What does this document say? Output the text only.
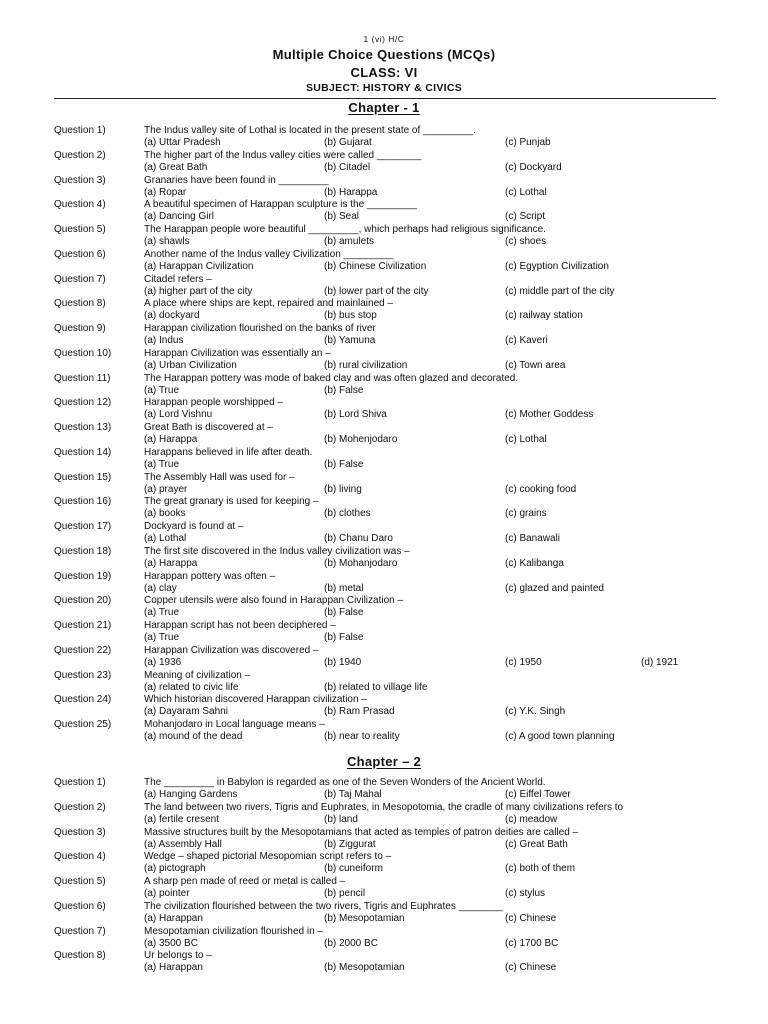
1 (vi) H/C
Multiple Choice Questions (MCQs)
CLASS: VI
SUBJECT: HISTORY & CIVICS
Chapter - 1
Question 1)	The Indus valley site of Lothal is located in the present state of _________.
(a) Uttar Pradesh	(b) Gujarat	(c) Punjab
Question 2)	The higher part of the Indus valley cities were called ________
(a) Great Bath	(b) Citadel	(c) Dockyard
Question 3)	Granaries have been found in _________
(a) Ropar	(b) Harappa	(c) Lothal
Question 4)	A beautiful specimen of Harappan sculpture is the _________
(a) Dancing Girl	(b) Seal	(c) Script
Question 5)	The Harappan people wore beautiful _________, which perhaps had religious significance.
(a) shawls	(b) amulets	(c) shoes
Question 6)	Another name of the Indus valley Civilization _________
(a) Harappan Civilization	(b) Chinese Civilization	(c) Egyption Civilization
Question 7)	Citadel refers –
(a) higher part of the city	(b) lower part of the city	(c) middle part of the city
Question 8)	A place where ships are kept, repaired and mainlained –
(a) dockyard	(b) bus stop	(c) railway station
Question 9)	Harappan civilization flourished on the banks of river
(a) Indus	(b) Yamuna	(c) Kaveri
Question 10)	Harappan Civilization was essentially an –
(a) Urban Civilization	(b) rural civilization	(c) Town area
Question 11)	The Harappan pottery was mode of baked clay and was often glazed and decorated.
(a) True	(b) False
Question 12)	Harappan people worshipped –
(a) Lord Vishnu	(b) Lord Shiva	(c) Mother Goddess
Question 13)	Great Bath is discovered at –
(a) Harappa	(b) Mohenjodaro	(c) Lothal
Question 14)	Harappans believed in life after death.
(a) True	(b) False
Question 15)	The Assembly Hall was used for –
(a) prayer	(b) living	(c) cooking food
Question 16)	The great granary is used for keeping –
(a) books	(b) clothes	(c) grains
Question 17)	Dockyard is found at –
(a) Lothal	(b) Chanu Daro	(c) Banawali
Question 18)	The first site discovered in the Indus valley civilization was –
(a) Harappa	(b) Mohanjodaro	(c) Kalibanga
Question 19)	Harappan pottery was often –
(a) clay	(b) metal	(c) glazed and painted
Question 20)	Copper utensils were also found in Harappan Civilization –
(a) True	(b) False
Question 21)	Harappan script has not been deciphered –
(a) True	(b) False
Question 22)	Harappan Civilization was discovered –
(a) 1936	(b) 1940	(c) 1950	(d) 1921
Question 23)	Meaning of civilization –
(a) related to civic life	(b) related to village life
Question 24)	Which historian discovered Harappan civilization –
(a) Dayaram Sahni	(b) Ram Prasad	(c) Y.K. Singh
Question 25)	Mohanjodaro in Local language means –
(a) mound of the dead	(b) near to reality	(c) A good town planning
Chapter – 2
Question 1)	The _________ in Babylon is regarded as one of the Seven Wonders of the Ancient World.
(a) Hanging Gardens	(b) Taj Mahal	(c) Eiffel Tower
Question 2)	The land between two rivers, Tigris and Euphrates, in Mesopotomia, the cradle of many civilizations refers to
(a) fertile cresent	(b) land	(c) meadow
Question 3)	Massive structures built by the Mesopotamians that acted as temples of patron deities are called –
(a) Assembly Hall	(b) Ziggurat	(c) Great Bath
Question 4)	Wedge – shaped pictorial Mesopomian script refers to –
(a) pictograph	(b) cuneiform	(c) both of them
Question 5)	A sharp pen made of reed or metal is called –
(a) pointer	(b) pencil	(c) stylus
Question 6)	The civilization flourished between the two rivers, Tigris and Euphrates ________
(a) Harappan	(b) Mesopotamian	(c) Chinese
Question 7)	Mesopotamian civilization flourished in –
(a) 3500 BC	(b) 2000 BC	(c) 1700 BC
Question 8)	Ur belongs to –
(a) Harappan	(b) Mesopotamian	(c) Chinese
